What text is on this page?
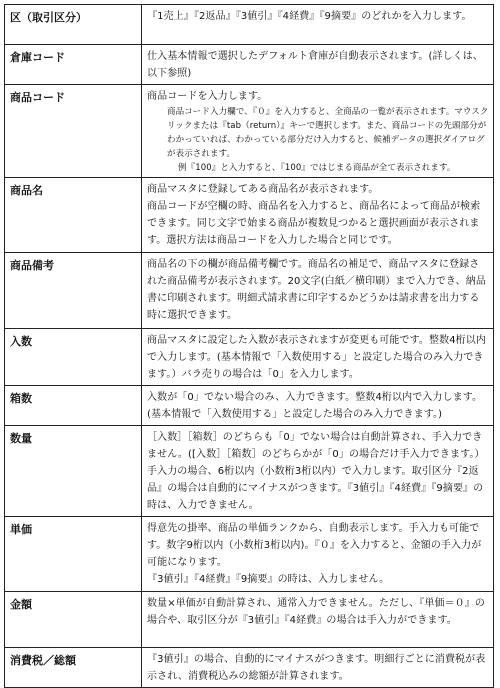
区（取引区分）	『1売上』『2返品』『3値引』『4経費』『9摘要』のどれかを入力します。

倉庫コード	仕入基本情報で選択したデフォルト倉庫が自動表示されます。(詳しくは、以下参照)

商品コード	商品コードを入力します。
商品コード入力欄で、『０』を入力すると、全商品の一覧が表示されます。マウスクリックまたは『tab（return）』キーで選択します。また、商品コードの先頭部分がわかっていれば、わかっている部分だけ入力すると、候補データの選択ダイアログが表示されます。
例『100』と入力すると、『100』ではじまる商品が全て表示されます。

商品名	商品マスタに登録してある商品名が表示されます。
商品コードが空欄の時、商品名を入力すると、商品名によって商品が検索できます。同じ文字で始まる商品が複数見つかると選択画面が表示されます。選択方法は商品コードを入力した場合と同じです。

商品備考	商品名の下の欄が商品備考欄です。商品名の補足で、商品マスタに登録された商品備考が表示されます。20文字(白紙／横印刷）まで入力でき、納品書に印刷されます。明細式請求書に印字するかどうかは請求書を出力する時に選択できます。

入数	商品マスタに設定した入数が表示されますが変更も可能です。整数4桁以内で入力します。(基本情報で「入数使用する」と設定した場合のみ入力できます。）バラ売りの場合は「0」を入力します。

箱数	入数が「0」でない場合のみ、入力できます。整数4桁以内で入力します。(基本情報で「入数使用する」と設定した場合のみ入力できます。)

数量	［入数］［箱数］のどちらも「0」でない場合は自動計算され、手入力できません。([入数］［箱数］のどちらかが「0」の場合だけ手入力できます。）手入力の場合、6桁以内（小数桁3桁以内）で入力します。取引区分『2返品』の場合は自動的にマイナスがつきます。『3値引』『4経費』『9摘要』の時は、入力できません。

単価	得意先の掛率、商品の単価ランクから、自動表示します。手入力も可能です。数字9桁以内（小数桁3桁以内)。『０』を入力すると、金額の手入力が可能になります。
『3値引』『4経費』『9摘要』の時は、入力しません。

金額	数量×単価が自動計算され、通常入力できません。ただし、『単価＝０』の場合や、取引区分が『3値引』『4経費』の場合は手入力ができます。

消費税／総額	『3値引』の場合、自動的にマイナスがつきます。明細行ごとに消費税が表示され、消費税込みの総額が計算されます。
